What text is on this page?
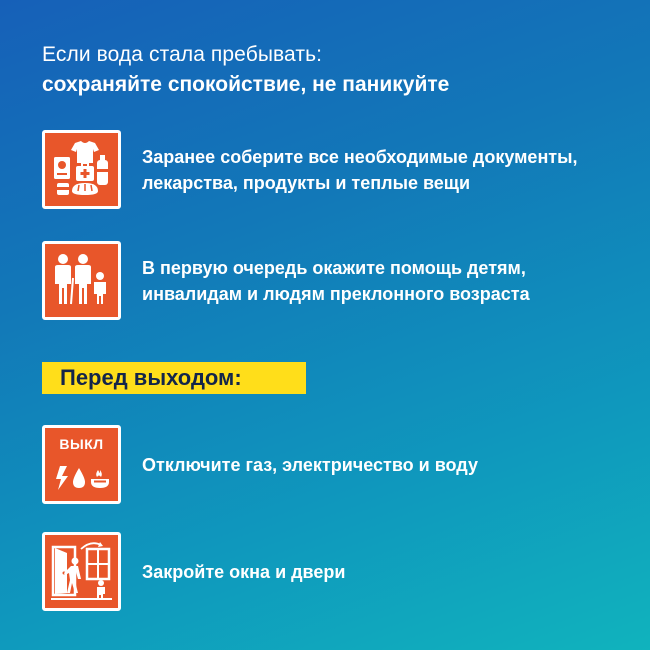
Если вода стала пребывать:
сохраняйте спокойствие, не паникуйте
Заранее соберите все необходимые документы,
лекарства, продукты и теплые вещи
В первую очередь окажите помощь детям,
инвалидам и людям преклонного возраста
Перед выходом:
ВЫКЛ
Отключите газ, электричество и воду
Закройте окна и двери
